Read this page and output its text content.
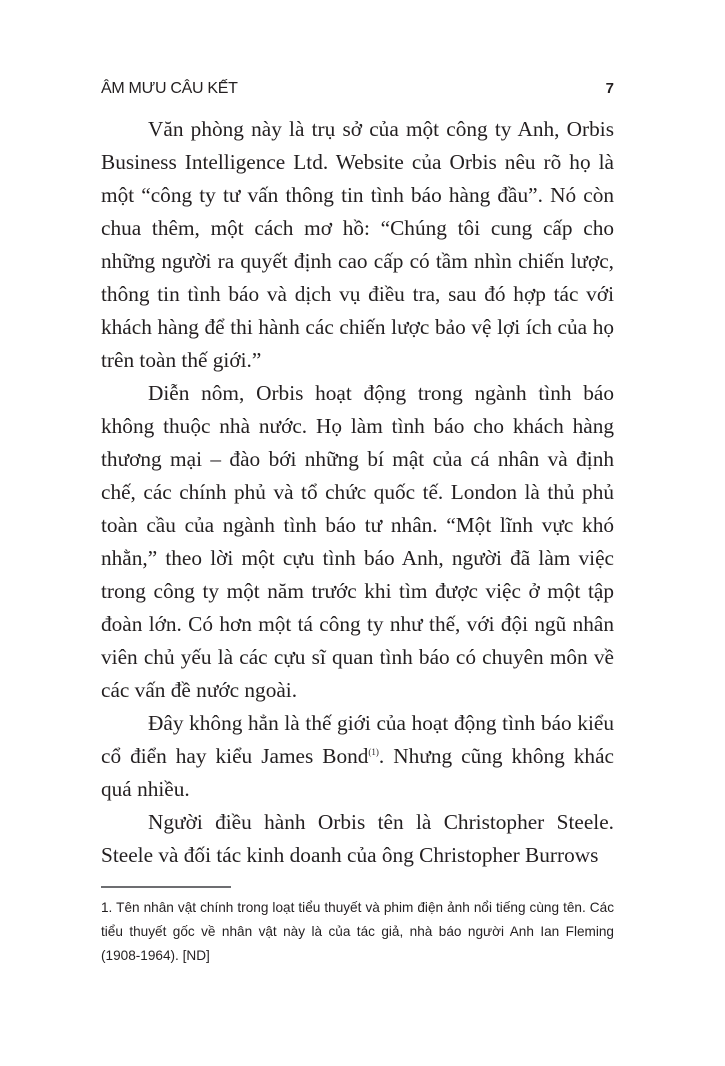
ÂM MƯU CÂU KẾT	7

Văn phòng này là trụ sở của một công ty Anh, Orbis Business Intelligence Ltd. Website của Orbis nêu rõ họ là một “công ty tư vấn thông tin tình báo hàng đầu”. Nó còn chua thêm, một cách mơ hồ: “Chúng tôi cung cấp cho những người ra quyết định cao cấp có tầm nhìn chiến lược, thông tin tình báo và dịch vụ điều tra, sau đó hợp tác với khách hàng để thi hành các chiến lược bảo vệ lợi ích của họ trên toàn thế giới.”

Diễn nôm, Orbis hoạt động trong ngành tình báo không thuộc nhà nước. Họ làm tình báo cho khách hàng thương mại – đào bới những bí mật của cá nhân và định chế, các chính phủ và tổ chức quốc tế. London là thủ phủ toàn cầu của ngành tình báo tư nhân. “Một lĩnh vực khó nhằn,” theo lời một cựu tình báo Anh, người đã làm việc trong công ty một năm trước khi tìm được việc ở một tập đoàn lớn. Có hơn một tá công ty như thế, với đội ngũ nhân viên chủ yếu là các cựu sĩ quan tình báo có chuyên môn về các vấn đề nước ngoài.

Đây không hẳn là thế giới của hoạt động tình báo kiểu cổ điển hay kiểu James Bond$^{(1)}$. Nhưng cũng không khác quá nhiều.

Người điều hành Orbis tên là Christopher Steele. Steele và đối tác kinh doanh của ông Christopher Burrows

1. Tên nhân vật chính trong loạt tiểu thuyết và phim điện ảnh nổi tiếng cùng tên. Các tiểu thuyết gốc về nhân vật này là của tác giả, nhà báo người Anh Ian Fleming (1908-1964). [ND]
